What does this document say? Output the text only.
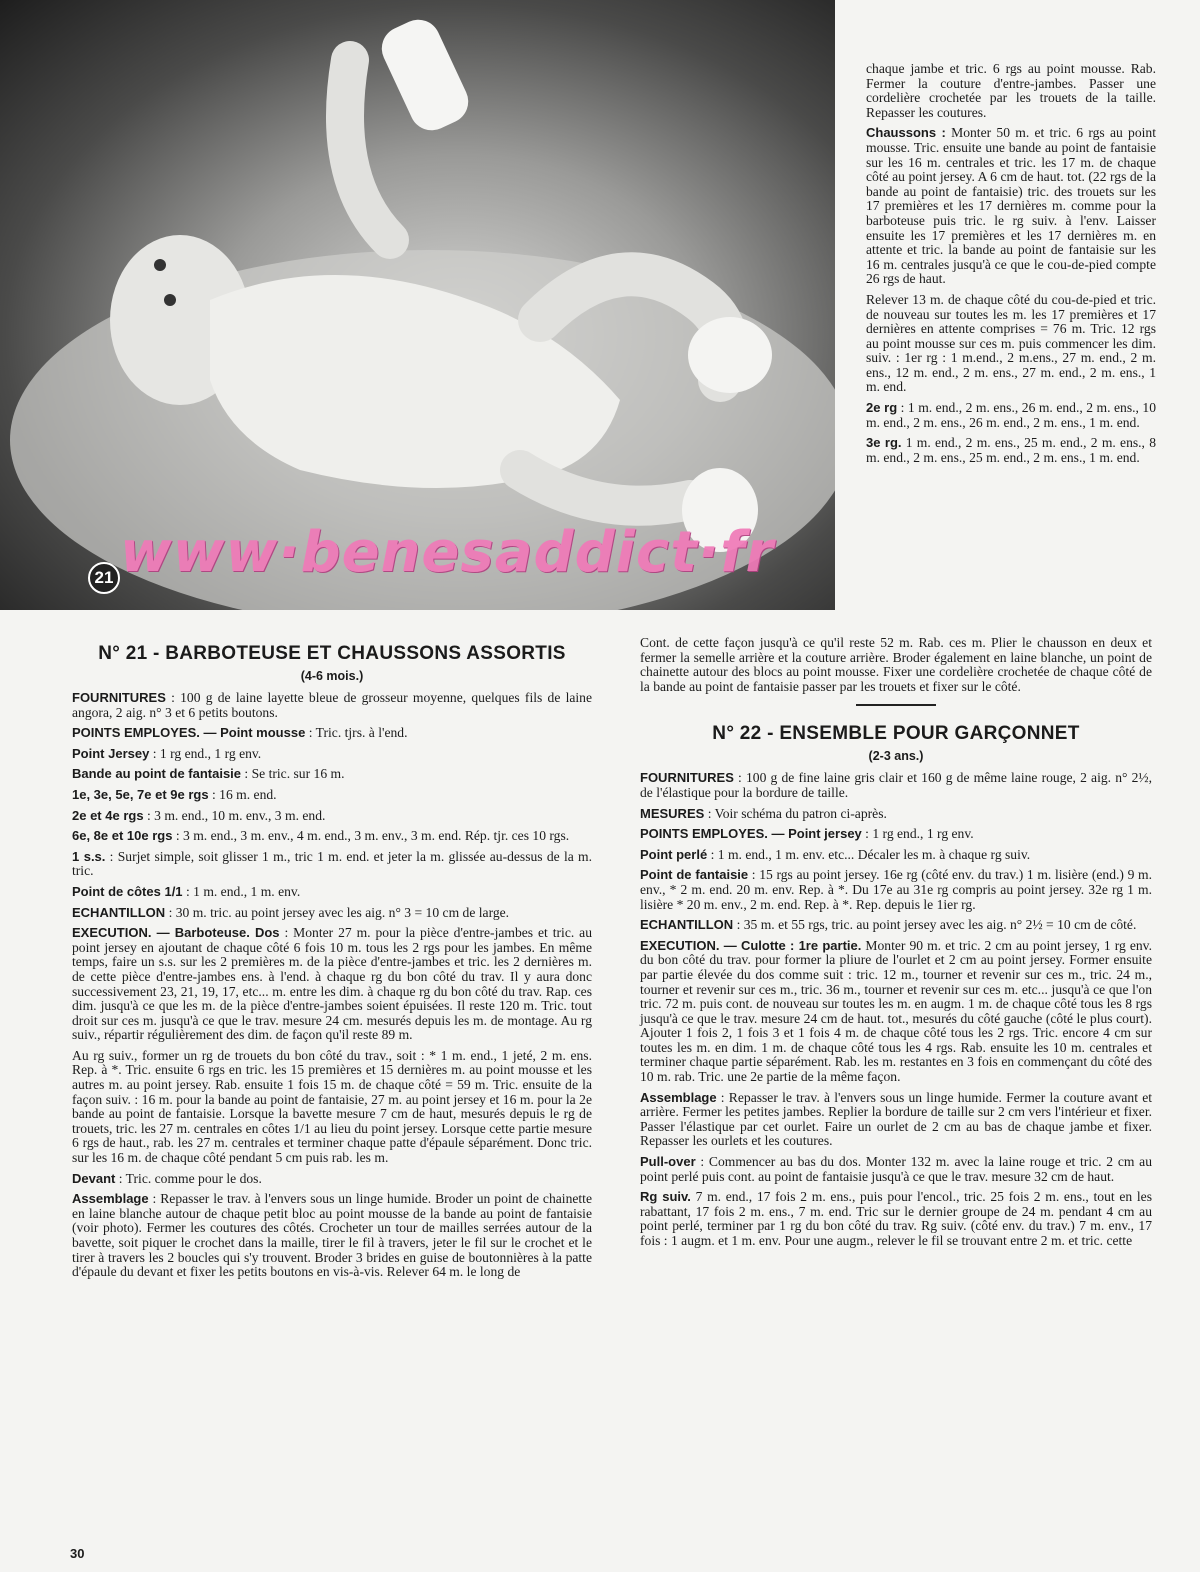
21 www·benesaddict·fr

chaque jambe et tric. 6 rgs au point mousse. Rab. Fermer la couture d'entre-jambes. Passer une cordelière crochetée par les trouets de la taille. Repasser les coutures.

Chaussons : Monter 50 m. et tric. 6 rgs au point mousse. Tric. ensuite une bande au point de fantaisie sur les 16 m. centrales et tric. les 17 m. de chaque côté au point jersey. A 6 cm de haut. tot. (22 rgs de la bande au point de fantaisie) tric. des trouets sur les 17 premières et les 17 dernières m. comme pour la barboteuse puis tric. le rg suiv. à l'env. Laisser ensuite les 17 premières et les 17 dernières m. en attente et tric. la bande au point de fantaisie sur les 16 m. centrales jusqu'à ce que le cou-de-pied compte 26 rgs de haut.

Relever 13 m. de chaque côté du cou-de-pied et tric. de nouveau sur toutes les m. les 17 premières et 17 dernières en attente comprises = 76 m. Tric. 12 rgs au point mousse sur ces m. puis commencer les dim. suiv. : 1er rg : 1 m.end., 2 m.ens., 27 m. end., 2 m. ens., 12 m. end., 2 m. ens., 27 m. end., 2 m. ens., 1 m. end.

2e rg : 1 m. end., 2 m. ens., 26 m. end., 2 m. ens., 10 m. end., 2 m. ens., 26 m. end., 2 m. ens., 1 m. end.

3e rg. 1 m. end., 2 m. ens., 25 m. end., 2 m. ens., 8 m. end., 2 m. ens., 25 m. end., 2 m. ens., 1 m. end.

N° 21 - BARBOTEUSE ET CHAUSSONS ASSORTIS
(4-6 mois.)

FOURNITURES : 100 g de laine layette bleue de grosseur moyenne, quelques fils de laine angora, 2 aig. n° 3 et 6 petits boutons.

POINTS EMPLOYES. — Point mousse : Tric. tjrs. à l'end.

Point Jersey : 1 rg end., 1 rg env.

Bande au point de fantaisie : Se tric. sur 16 m.

1e, 3e, 5e, 7e et 9e rgs : 16 m. end.

2e et 4e rgs : 3 m. end., 10 m. env., 3 m. end.

6e, 8e et 10e rgs : 3 m. end., 3 m. env., 4 m. end., 3 m. env., 3 m. end. Rép. tjr. ces 10 rgs.

1 s.s. : Surjet simple, soit glisser 1 m., tric 1 m. end. et jeter la m. glissée au-dessus de la m. tric.

Point de côtes 1/1 : 1 m. end., 1 m. env.

ECHANTILLON : 30 m. tric. au point jersey avec les aig. n° 3 = 10 cm de large.

EXECUTION. — Barboteuse. Dos : Monter 27 m. pour la pièce d'entre-jambes et tric. au point jersey en ajoutant de chaque côté 6 fois 10 m. tous les 2 rgs pour les jambes. En même temps, faire un s.s. sur les 2 premières m. de la pièce d'entre-jambes et tric. les 2 dernières m. de cette pièce d'entre-jambes ens. à l'end. à chaque rg du bon côté du trav. Il y aura donc successivement 23, 21, 19, 17, etc... m. entre les dim. à chaque rg du bon côté du trav. Rap. ces dim. jusqu'à ce que les m. de la pièce d'entre-jambes soient épuisées. Il reste 120 m. Tric. tout droit sur ces m. jusqu'à ce que le trav. mesure 24 cm. mesurés depuis les m. de montage. Au rg suiv., répartir régulièrement des dim. de façon qu'il reste 89 m.

Au rg suiv., former un rg de trouets du bon côté du trav., soit : * 1 m. end., 1 jeté, 2 m. ens. Rep. à *. Tric. ensuite 6 rgs en tric. les 15 premières et 15 dernières m. au point mousse et les autres m. au point jersey. Rab. ensuite 1 fois 15 m. de chaque côté = 59 m. Tric. ensuite de la façon suiv. : 16 m. pour la bande au point de fantaisie, 27 m. au point jersey et 16 m. pour la 2e bande au point de fantaisie. Lorsque la bavette mesure 7 cm de haut, mesurés depuis le rg de trouets, tric. les 27 m. centrales en côtes 1/1 au lieu du point jersey. Lorsque cette partie mesure 6 rgs de haut., rab. les 27 m. centrales et terminer chaque patte d'épaule séparément. Donc tric. sur les 16 m. de chaque côté pendant 5 cm puis rab. les m.

Devant : Tric. comme pour le dos.

Assemblage : Repasser le trav. à l'envers sous un linge humide. Broder un point de chainette en laine blanche autour de chaque petit bloc au point mousse de la bande au point de fantaisie (voir photo). Fermer les coutures des côtés. Crocheter un tour de mailles serrées autour de la bavette, soit piquer le crochet dans la maille, tirer le fil à travers, jeter le fil sur le crochet et le tirer à travers les 2 boucles qui s'y trouvent. Broder 3 brides en guise de boutonnières à la patte d'épaule du devant et fixer les petits boutons en vis-à-vis. Relever 64 m. le long de

Cont. de cette façon jusqu'à ce qu'il reste 52 m. Rab. ces m. Plier le chausson en deux et fermer la semelle arrière et la couture arrière. Broder également en laine blanche, un point de chainette autour des blocs au point mousse. Fixer une cordelière crochetée de chaque côté de la bande au point de fantaisie passer par les trouets et fixer sur le côté.

N° 22 - ENSEMBLE POUR GARÇONNET
(2-3 ans.)

FOURNITURES : 100 g de fine laine gris clair et 160 g de même laine rouge, 2 aig. n° 2½, de l'élastique pour la bordure de taille.

MESURES : Voir schéma du patron ci-après.

POINTS EMPLOYES. — Point jersey : 1 rg end., 1 rg env.

Point perlé : 1 m. end., 1 m. env. etc... Décaler les m. à chaque rg suiv.

Point de fantaisie : 15 rgs au point jersey. 16e rg (côté env. du trav.) 1 m. lisière (end.) 9 m. env., * 2 m. end. 20 m. env. Rep. à *. Du 17e au 31e rg compris au point jersey. 32e rg 1 m. lisière * 20 m. env., 2 m. end. Rep. à *. Rep. depuis le 1ier rg.

ECHANTILLON : 35 m. et 55 rgs, tric. au point jersey avec les aig. n° 2½ = 10 cm de côté.

EXECUTION. — Culotte : 1re partie. Monter 90 m. et tric. 2 cm au point jersey, 1 rg env. du bon côté du trav. pour former la pliure de l'ourlet et 2 cm au point jersey. Former ensuite par partie élevée du dos comme suit : tric. 12 m., tourner et revenir sur ces m., tric. 24 m., tourner et revenir sur ces m., tric. 36 m., tourner et revenir sur ces m. etc... jusqu'à ce que l'on tric. 72 m. puis cont. de nouveau sur toutes les m. en augm. 1 m. de chaque côté tous les 8 rgs jusqu'à ce que le trav. mesure 24 cm de haut. tot., mesurés du côté gauche (côté le plus court). Ajouter 1 fois 2, 1 fois 3 et 1 fois 4 m. de chaque côté tous les 2 rgs. Tric. encore 4 cm sur toutes les m. en dim. 1 m. de chaque côté tous les 4 rgs. Rab. ensuite les 10 m. centrales et terminer chaque partie séparément. Rab. les m. restantes en 3 fois en commençant du côté des 10 m. rab. Tric. une 2e partie de la même façon.

Assemblage : Repasser le trav. à l'envers sous un linge humide. Fermer la couture avant et arrière. Fermer les petites jambes. Replier la bordure de taille sur 2 cm vers l'intérieur et fixer. Passer l'élastique par cet ourlet. Faire un ourlet de 2 cm au bas de chaque jambe et fixer. Repasser les ourlets et les coutures.

Pull-over : Commencer au bas du dos. Monter 132 m. avec la laine rouge et tric. 2 cm au point perlé puis cont. au point de fantaisie jusqu'à ce que le trav. mesure 32 cm de haut.

Rg suiv. 7 m. end., 17 fois 2 m. ens., puis pour l'encol., tric. 25 fois 2 m. ens., tout en les rabattant, 17 fois 2 m. ens., 7 m. end. Tric sur le dernier groupe de 24 m. pendant 4 cm au point perlé, terminer par 1 rg du bon côté du trav. Rg suiv. (côté env. du trav.) 7 m. env., 17 fois : 1 augm. et 1 m. env. Pour une augm., relever le fil se trouvant entre 2 m. et tric. cette

30
